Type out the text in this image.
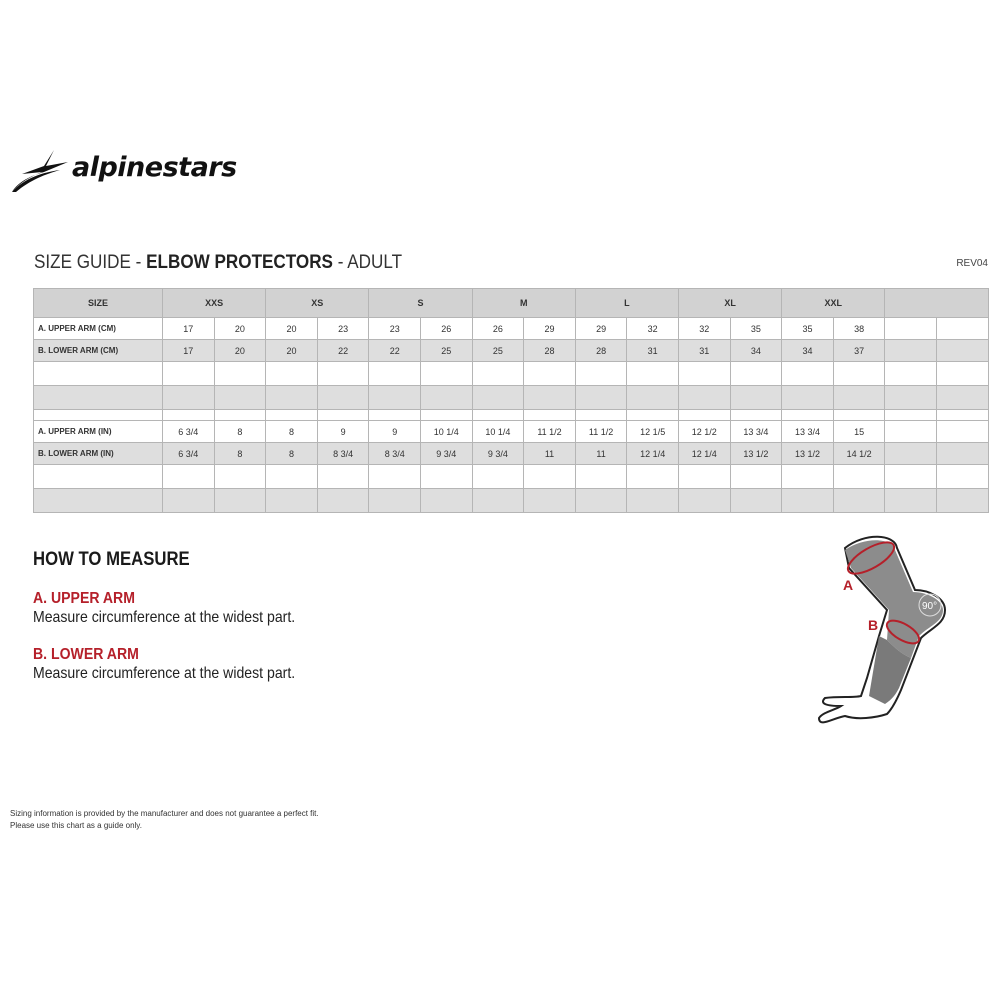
alpinestars
SIZE GUIDE - ELBOW PROTECTORS - ADULT	REV04
SIZE	XXS		XS		S		M		L		XL		XXL			
A. UPPER ARM (CM)	17	20	20	23	23	26	26	29	29	32	32	35	35	38		
B. LOWER ARM (CM)	17	20	20	22	22	25	25	28	28	31	31	34	34	37		

A. UPPER ARM (IN)	6 3/4	8	8	9	9	10 1/4	10 1/4	11 1/2	11 1/2	12 1/5	12 1/2	13 3/4	13 3/4	15		
B. LOWER ARM (IN)	6 3/4	8	8	8 3/4	8 3/4	9 3/4	9 3/4	11	11	12 1/4	12 1/4	13 1/2	13 1/2	14 1/2		

HOW TO MEASURE
A. UPPER ARM
Measure circumference at the widest part.
B. LOWER ARM
Measure circumference at the widest part.
90°
A
B
Sizing information is provided by the manufacturer and does not guarantee a perfect fit.
Please use this chart as a guide only.
